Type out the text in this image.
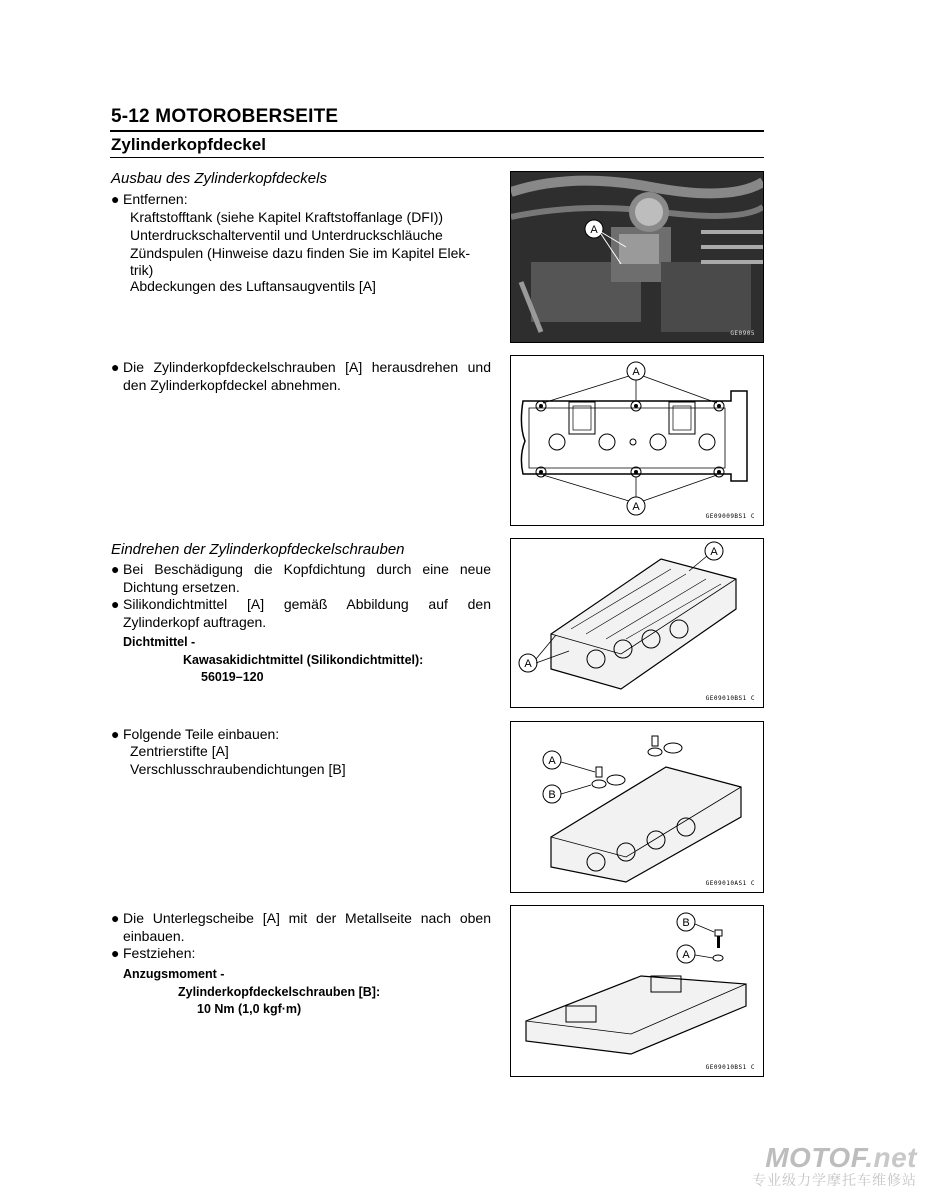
5-12 MOTOROBERSEITE
Zylinderkopfdeckel
Ausbau des Zylinderkopfdeckels
● Entfernen:
Kraftstofftank (siehe Kapitel Kraftstoffanlage (DFI))
Unterdruckschalterventil und Unterdruckschläuche
Zündspulen (Hinweise dazu finden Sie im Kapitel Elek-
trik)
Abdeckungen des Luftansaugventils [A]
● Die Zylinderkopfdeckelschrauben [A] herausdrehen und den Zylinderkopfdeckel abnehmen.
Eindrehen der Zylinderkopfdeckelschrauben
● Bei Beschädigung die Kopfdichtung durch eine neue Dichtung ersetzen.
● Silikondichtmittel [A] gemäß Abbildung auf den Zylinderkopf auftragen.
Dichtmittel -
Kawasakidichtmittel (Silikondichtmittel):
56019–120
● Folgende Teile einbauen:
Zentrierstifte [A]
Verschlusschraubendichtungen [B]
● Die Unterlegscheibe [A] mit der Metallseite nach oben einbauen.
● Festziehen:
Anzugsmoment -
Zylinderkopfdeckelschrauben [B]:
10 Nm (1,0 kgf·m)
A
GE0905
A
A
GE09009BS1 C
A
A
GE09010BS1 C
A
B
GE09010AS1 C
B
A
GE09010BS1 C
MOTOF.net
专业级力学摩托车维修站
